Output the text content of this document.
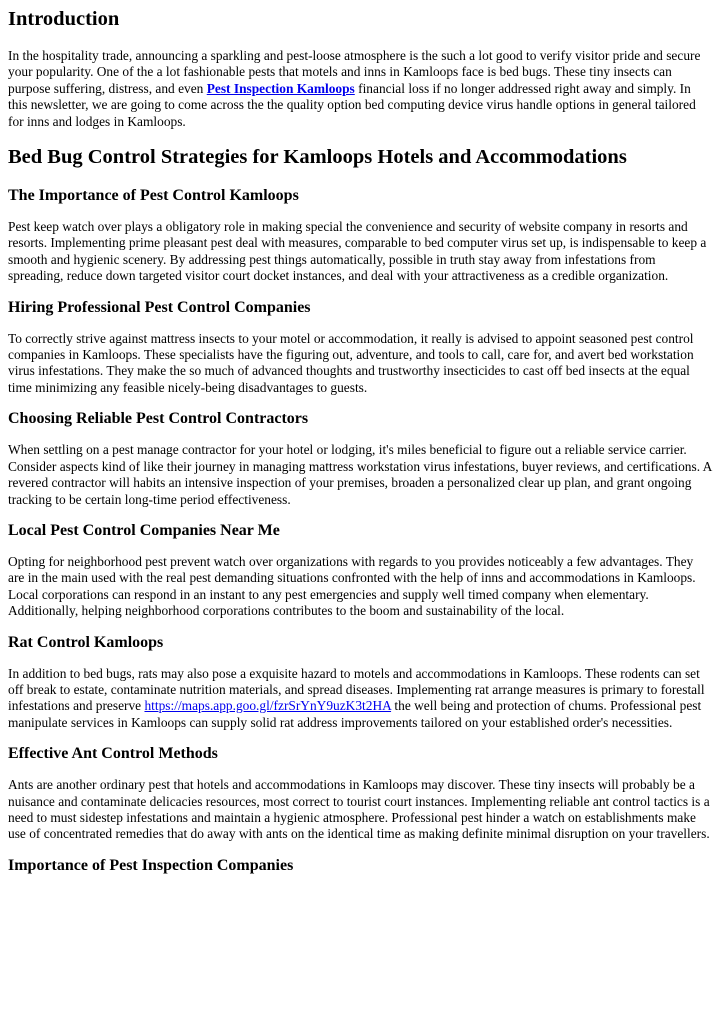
Introduction

In the hospitality trade, announcing a sparkling and pest-loose atmosphere is the such a lot good to verify visitor pride and secure your popularity. One of the a lot fashionable pests that motels and inns in Kamloops face is bed bugs. These tiny insects can purpose suffering, distress, and even Pest Inspection Kamloops financial loss if no longer addressed right away and simply. In this newsletter, we are going to come across the the quality option bed computing device virus handle options in general tailored for inns and lodges in Kamloops.

Bed Bug Control Strategies for Kamloops Hotels and Accommodations
The Importance of Pest Control Kamloops

Pest keep watch over plays a obligatory role in making special the convenience and security of website company in resorts and resorts. Implementing prime pleasant pest deal with measures, comparable to bed computer virus set up, is indispensable to keep a smooth and hygienic scenery. By addressing pest things automatically, possible in truth stay away from infestations from spreading, reduce down targeted visitor court docket instances, and deal with your attractiveness as a credible organization.

Hiring Professional Pest Control Companies

To correctly strive against mattress insects to your motel or accommodation, it really is advised to appoint seasoned pest control companies in Kamloops. These specialists have the figuring out, adventure, and tools to call, care for, and avert bed workstation virus infestations. They make the so much of advanced thoughts and trustworthy insecticides to cast off bed insects at the equal time minimizing any feasible nicely-being disadvantages to guests.

Choosing Reliable Pest Control Contractors

When settling on a pest manage contractor for your hotel or lodging, it's miles beneficial to figure out a reliable service carrier. Consider aspects kind of like their journey in managing mattress workstation virus infestations, buyer reviews, and certifications. A revered contractor will habits an intensive inspection of your premises, broaden a personalized clear up plan, and grant ongoing tracking to be certain long-time period effectiveness.

Local Pest Control Companies Near Me

Opting for neighborhood pest prevent watch over organizations with regards to you provides noticeably a few advantages. They are in the main used with the real pest demanding situations confronted with the help of inns and accommodations in Kamloops. Local corporations can respond in an instant to any pest emergencies and supply well timed company when elementary. Additionally, helping neighborhood corporations contributes to the boom and sustainability of the local.

Rat Control Kamloops

In addition to bed bugs, rats may also pose a exquisite hazard to motels and accommodations in Kamloops. These rodents can set off break to estate, contaminate nutrition materials, and spread diseases. Implementing rat arrange measures is primary to forestall infestations and preserve https://maps.app.goo.gl/fzrSrYnY9uzK3t2HA the well being and protection of chums. Professional pest manipulate services in Kamloops can supply solid rat address improvements tailored on your established order's necessities.

Effective Ant Control Methods

Ants are another ordinary pest that hotels and accommodations in Kamloops may discover. These tiny insects will probably be a nuisance and contaminate delicacies resources, most correct to tourist court instances. Implementing reliable ant control tactics is a need to must sidestep infestations and maintain a hygienic atmosphere. Professional pest hinder a watch on establishments make use of concentrated remedies that do away with ants on the identical time as making definite minimal disruption on your travellers.

Importance of Pest Inspection Companies
